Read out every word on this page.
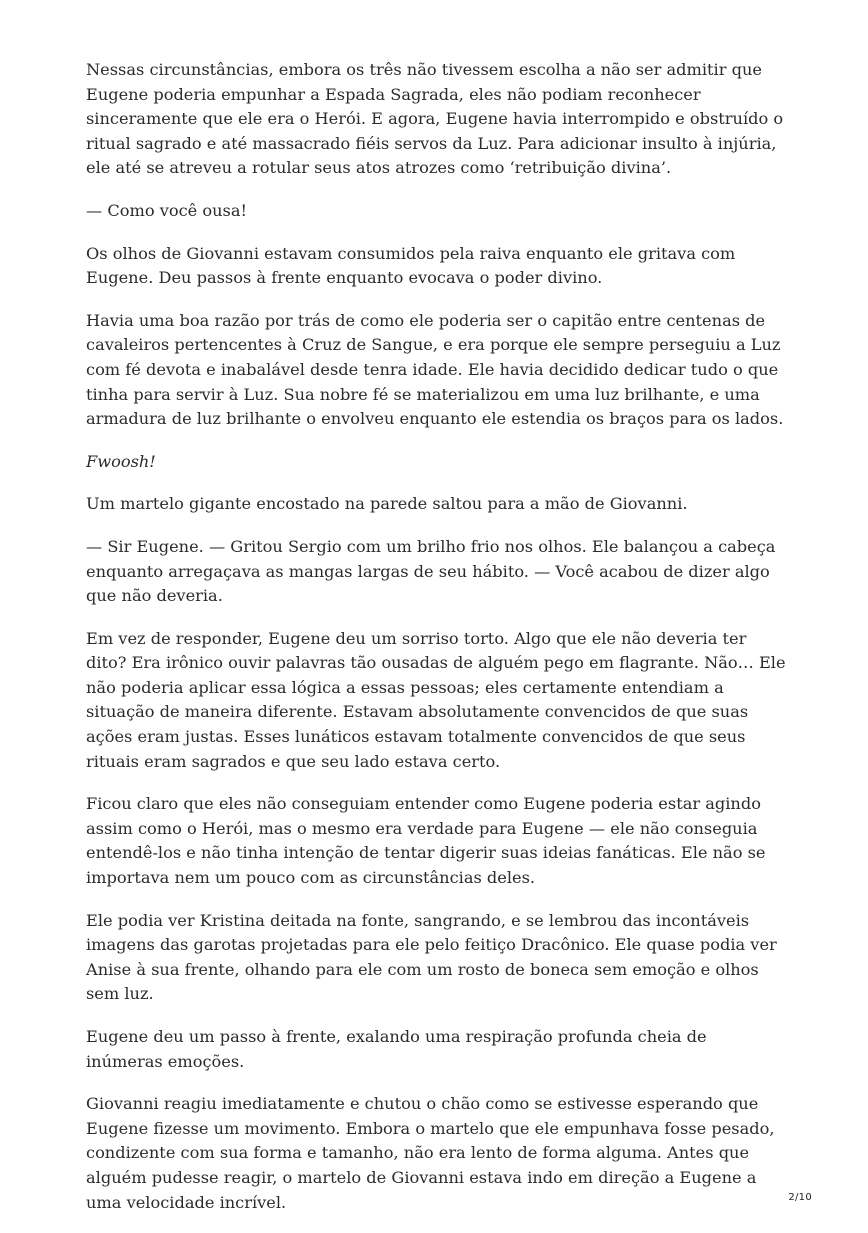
Nessas circunstâncias, embora os três não tivessem escolha a não ser admitir que Eugene poderia empunhar a Espada Sagrada, eles não podiam reconhecer sinceramente que ele era o Herói. E agora, Eugene havia interrompido e obstruído o ritual sagrado e até massacrado fiéis servos da Luz. Para adicionar insulto à injúria, ele até se atreveu a rotular seus atos atrozes como ‘retribuição divina’.

— Como você ousa!

Os olhos de Giovanni estavam consumidos pela raiva enquanto ele gritava com Eugene. Deu passos à frente enquanto evocava o poder divino.

Havia uma boa razão por trás de como ele poderia ser o capitão entre centenas de cavaleiros pertencentes à Cruz de Sangue, e era porque ele sempre perseguiu a Luz com fé devota e inabalável desde tenra idade. Ele havia decidido dedicar tudo o que tinha para servir à Luz. Sua nobre fé se materializou em uma luz brilhante, e uma armadura de luz brilhante o envolveu enquanto ele estendia os braços para os lados.

Fwoosh!

Um martelo gigante encostado na parede saltou para a mão de Giovanni.

— Sir Eugene. — Gritou Sergio com um brilho frio nos olhos. Ele balançou a cabeça enquanto arregaçava as mangas largas de seu hábito. — Você acabou de dizer algo que não deveria.

Em vez de responder, Eugene deu um sorriso torto. Algo que ele não deveria ter dito? Era irônico ouvir palavras tão ousadas de alguém pego em flagrante. Não… Ele não poderia aplicar essa lógica a essas pessoas; eles certamente entendiam a situação de maneira diferente. Estavam absolutamente convencidos de que suas ações eram justas. Esses lunáticos estavam totalmente convencidos de que seus rituais eram sagrados e que seu lado estava certo.

Ficou claro que eles não conseguiam entender como Eugene poderia estar agindo assim como o Herói, mas o mesmo era verdade para Eugene — ele não conseguia entendê-los e não tinha intenção de tentar digerir suas ideias fanáticas. Ele não se importava nem um pouco com as circunstâncias deles.

Ele podia ver Kristina deitada na fonte, sangrando, e se lembrou das incontáveis imagens das garotas projetadas para ele pelo feitiço Dracônico. Ele quase podia ver Anise à sua frente, olhando para ele com um rosto de boneca sem emoção e olhos sem luz.

Eugene deu um passo à frente, exalando uma respiração profunda cheia de inúmeras emoções.

Giovanni reagiu imediatamente e chutou o chão como se estivesse esperando que Eugene fizesse um movimento. Embora o martelo que ele empunhava fosse pesado, condizente com sua forma e tamanho, não era lento de forma alguma. Antes que alguém pudesse reagir, o martelo de Giovanni estava indo em direção a Eugene a uma velocidade incrível.	2/10
